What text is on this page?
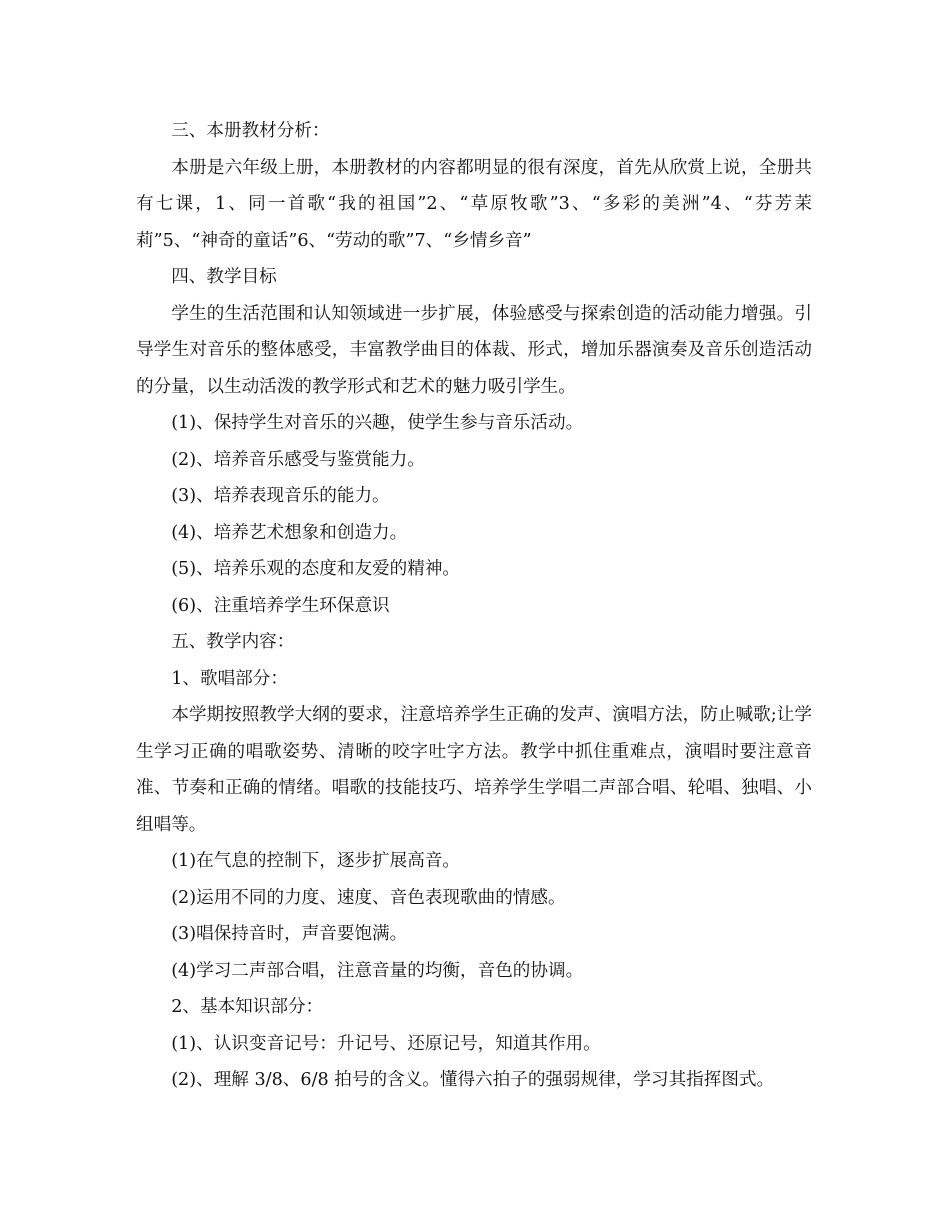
三、本册教材分析：

本册是六年级上册，本册教材的内容都明显的很有深度，首先从欣赏上说，全册共有七课，1、同一首歌“我的祖国”2、“草原牧歌”3、“多彩的美洲”4、“芬芳茉莉”5、“神奇的童话”6、“劳动的歌”7、“乡情乡音”

四、教学目标

学生的生活范围和认知领域进一步扩展，体验感受与探索创造的活动能力增强。引导学生对音乐的整体感受，丰富教学曲目的体裁、形式，增加乐器演奏及音乐创造活动的分量，以生动活泼的教学形式和艺术的魅力吸引学生。

(1)、保持学生对音乐的兴趣，使学生参与音乐活动。

(2)、培养音乐感受与鉴赏能力。

(3)、培养表现音乐的能力。

(4)、培养艺术想象和创造力。

(5)、培养乐观的态度和友爱的精神。

(6)、注重培养学生环保意识

五、教学内容：

1、歌唱部分：

本学期按照教学大纲的要求，注意培养学生正确的发声、演唱方法，防止喊歌;让学生学习正确的唱歌姿势、清晰的咬字吐字方法。教学中抓住重难点，演唱时要注意音准、节奏和正确的情绪。唱歌的技能技巧、培养学生学唱二声部合唱、轮唱、独唱、小组唱等。

(1)在气息的控制下，逐步扩展高音。

(2)运用不同的力度、速度、音色表现歌曲的情感。

(3)唱保持音时，声音要饱满。

(4)学习二声部合唱，注意音量的均衡，音色的协调。

2、基本知识部分：

(1)、认识变音记号：升记号、还原记号，知道其作用。

(2)、理解 3/8、6/8 拍号的含义。懂得六拍子的强弱规律，学习其指挥图式。
